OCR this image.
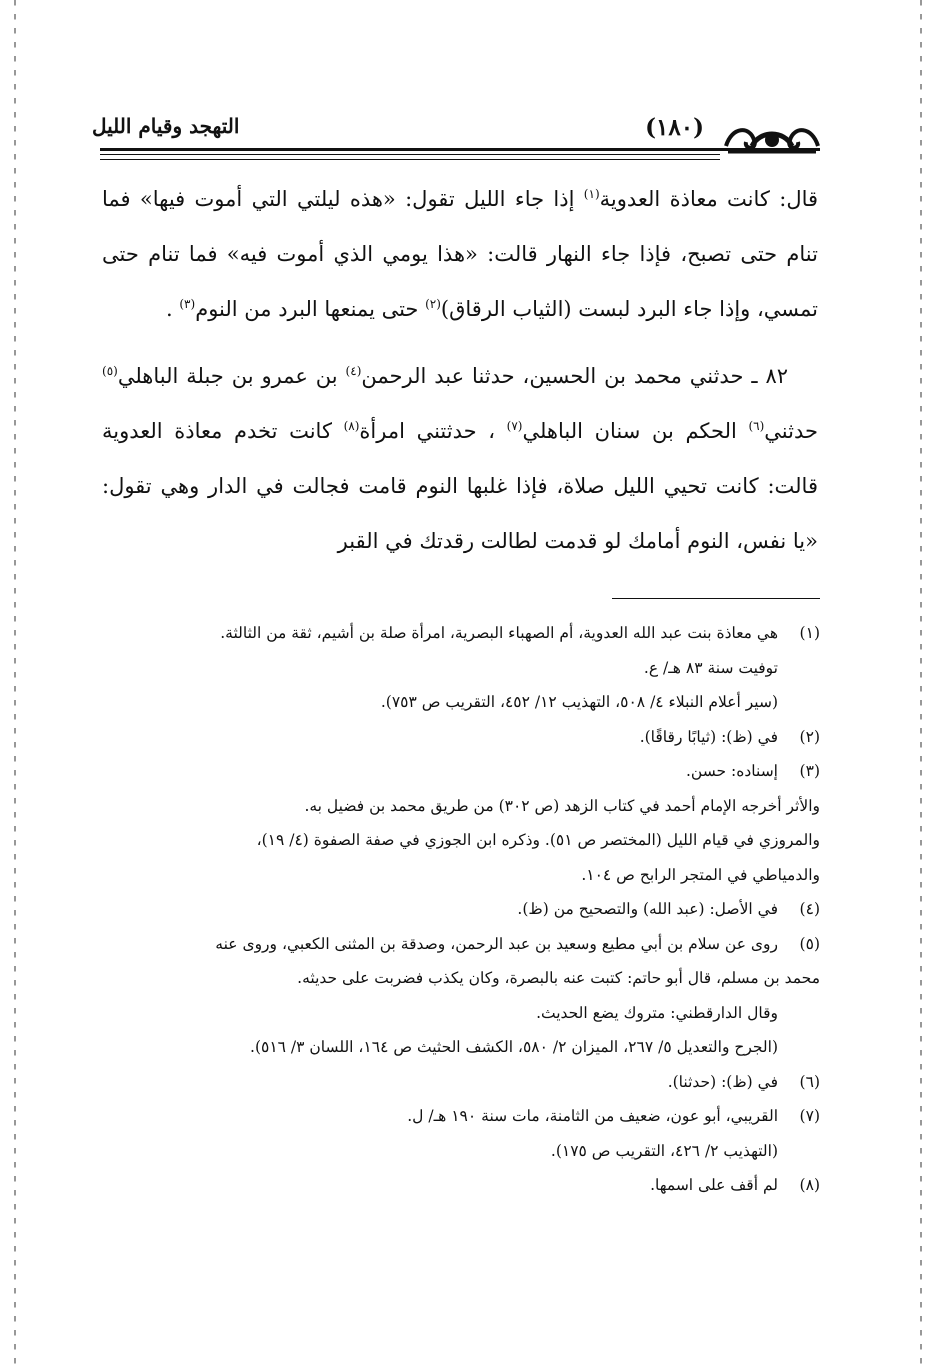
(١٨٠)
التهجد وقيام الليل

قال: كانت معاذة العدوية$^{(١)}$ إذا جاء الليل تقول: «هذه ليلتي التي أموت فيها» فما تنام حتى تصبح، فإذا جاء النهار قالت: «هذا يومي الذي أموت فيه» فما تنام حتى تمسي، وإذا جاء البرد لبست (الثياب الرقاق)$^{(٢)}$ حتى يمنعها البرد من النوم$^{(٣)}$ .

٨٢ ـ حدثني محمد بن الحسين، حدثنا عبد الرحمن$^{(٤)}$ بن عمرو بن جبلة الباهلي$^{(٥)}$ حدثني$^{(٦)}$ الحكم بن سنان الباهلي$^{(٧)}$ ، حدثتني امرأة$^{(٨)}$ كانت تخدم معاذة العدوية قالت: كانت تحيي الليل صلاة، فإذا غلبها النوم قامت فجالت في الدار وهي تقول: «يا نفس، النوم أمامك لو قدمت لطالت رقدتك في القبر

(١)
هي معاذة بنت عبد الله العدوية، أم الصهباء البصرية، امرأة صلة بن أشيم، ثقة من الثالثة.
توفيت سنة ٨٣ هـ/ ع.
(سير أعلام النبلاء ٤/ ٥٠٨، التهذيب ١٢/ ٤٥٢، التقريب ص ٧٥٣).
(٢)
في (ظ): (ثيابًا رقاقًا).
(٣)
إسناده: حسن.
والأثر أخرجه الإمام أحمد في كتاب الزهد (ص ٣٠٢) من طريق محمد بن فضيل به.
والمروزي في قيام الليل (المختصر ص ٥١). وذكره ابن الجوزي في صفة الصفوة (٤/ ١٩)،
والدمياطي في المتجر الرابح ص ١٠٤.
(٤)
في الأصل: (عبد الله) والتصحيح من (ظ).
(٥)
روى عن سلام بن أبي مطيع وسعيد بن عبد الرحمن، وصدقة بن المثنى الكعبي، وروى عنه
محمد بن مسلم، قال أبو حاتم: كتبت عنه بالبصرة، وكان يكذب فضربت على حديثه.
وقال الدارقطني: متروك يضع الحديث.
(الجرح والتعديل ٥/ ٢٦٧، الميزان ٢/ ٥٨٠، الكشف الحثيث ص ١٦٤، اللسان ٣/ ٥١٦).
(٦)
في (ظ): (حدثنا).
(٧)
القريبي، أبو عون، ضعيف من الثامنة، مات سنة ١٩٠ هـ/ ل.
(التهذيب ٢/ ٤٢٦، التقريب ص ١٧٥).
(٨)
لم أقف على اسمها.
